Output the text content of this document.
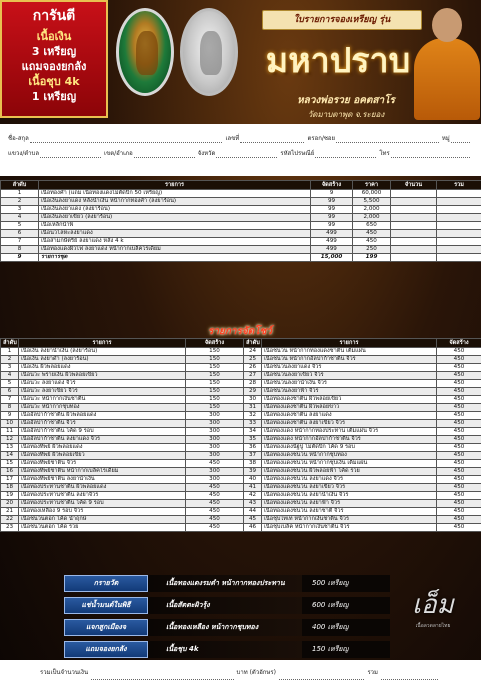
การันตี
เนื้อเงิน
3 เหรียญ
แถมจองยกลัง
เนื้อชุบ 4k
1 เหรียญ
ใบรายการจองเหรียญ รุ่น
มหาปราบ
หลวงพ่อรวย อคตสาโร
วัดมาบตาพุด จ.ระยอง
ชื่อ-สกุล	เลขที่	ตรอก/ซอย	หมู่
แขวง/ตำบล	เขต/อำเภอ	จังหวัด	รหัสไปรษณีย์	โทร
ลำดับ	รายการ	จัดสร้าง	ราคา	จำนวน	รวม
1	เนื้อทองคำ (แถม เนื้อทองแดงไม่ตัดปีก 50 เหรียญ)	9	60,000		
2	เนื้อเงินลงยาแดง หลังนำเงิน หน้ากากทองคำ (ลงยาร้อน)	99	5,500		
3	เนื้อเงินลงยาแดง (ลงยาร้อน)	99	2,000		
4	เนื้อเงินลงยาเขียว (ลงยาร้อน)	99	2,000		
5	เนื้อเหล็กน้ำพี้	99	650		
6	เนื้อนวโลหะลงยาแดง	499	450		
7	เนื้อสามกษัตริย์ ลงยาแดง หลัง 4 k	499	450		
8	เนื้อทองแดงผิวไฟ ลงยาแดง หน้ากากเบล็คโรเดียม	499	250		
9	รายการชุด	15,000	199		
รายการจัดโชว์
ลำดับ	รายการ	จัดสร้าง	ลำดับ	รายการ	จัดสร้าง
1	เนื้อเงิน ลงยาน้ำเงิน (ลงยาร้อน)	150	24	เนื้อชนวน หน้ากากทองแดงชาติน เต็มแผ่น	450
2	เนื้อเงิน ลงยาดำ (ลงยาร้อน)	150	25	เนื้อชนวน หน้ากากอัลปาก้าชาติน จีวร	450
3	เนื้อเงิน ผิวพลอยแดง	150	26	เนื้อชนวนลงยาแดง จีวร	450
4	เนื้อนวะ พรายเงิน ผิวพลอยเขียว	150	27	เนื้อชนวนลงยาเขียว จีวร	450
5	เนื้อนวะ ลงยาแดง จีวร	150	28	เนื้อชนวนลงยาน้ำเงิน จีวร	450
6	เนื้อนวะ ลงยาเขียว จีวร	150	29	เนื้อชนวนลงยาฟ้า จีวร	450
7	เนื้อนวะ หน้ากากเงินชาติน	150	30	เนื้อทองแดงชาติน ผิวพลอยเขียว	450
8	เนื้อนวะ หน้ากากชุบทอง	150	31	เนื้อทองแดงชาติน ผิวพลอยขาว	450
9	เนื้ออัลปาก้าชาติน ผิวพลอยแดง	300	32	เนื้อทองแดงชาติน ลงยาแดง	450
10	เนื้ออัลปาก้าชาติน จีวร	300	33	เนื้อทองแดงชาติน ลงยาเขียว จีวร	450
11	เนื้ออัลปาก้าชาติน โค้ด 9 รอบ	300	34	เนื้อทองแดง หน้ากากทองประทาน เต็มแผ่น จีวร	450
12	เนื้ออัลปาก้าชาติน ลงยาแดง จีวร	300	35	เนื้อทองแดง หน้ากากอัลปาก้าชาติน จีวร	450
13	เนื้อทองทิพย์ ผิวพลอยแดง	300	36	เนื้อทองแดงนัฐปู ไม่ตัดปีก โค้ด 9 รอบ	450
14	เนื้อทองทิพย์ ผิวพลอยเขียว	300	37	เนื้อทองแดงชนวน หน้ากากชุบทอง	450
15	เนื้อทองทิพย์ชาติน จีวร	450	38	เนื้อทองแดงชนวน หน้ากากชุบเงิน เต็มแผ่น	450
16	เนื้อทองทิพย์ชาติน หน้ากากเบล็คโรเดียม	300	39	เนื้อทองแดงชนวน ผิวพลอยฟ้า โค้ด รวย	450
17	เนื้อทองทิพย์ชาติน ลงยาน้ำเงิน	300	40	เนื้อทองแดงชนวน ลงยาแดง จีวร	450
18	เนื้อทองประทานชาติน ผิวพลอยแดง	450	41	เนื้อทองแดงชนวน ลงยาเขียว จีวร	450
19	เนื้อทองประทานชาติน ลงยาจีวร	450	42	เนื้อทองแดงชนวน ลงยาน้ำเงิน จีวร	450
20	เนื้อทองประทานชาติน โค้ด 9 รอบ	450	43	เนื้อทองแดงชนวน ลงยาฟ้า จีวร	450
21	เนื้อทองเหลือง 9 รอบ จีวร	450	44	เนื้อทองแดงชนวน ลงยาชาติ จีวร	450
22	เนื้อชนวนตอก โค้ด นำฤกษ์	450	45	เนื้อชุบไทเท หน้ากากเงินชาติน จีวร	450
23	เนื้อชนวนตอก โค้ด รวย	450	46	เนื้อชุบเบล็ค หน้ากากเงินชาติน จีวร	450
กรายวัด	เนื้อทองแดงรมดำ หน้ากากทองประทาน	500 เหรียญ
แช่น้ำมนต์ในพิธี	เนื้อสัตตะผิวรุ้ง	600 เหรียญ
แจกสูกเมืองจ	เนื้อทองเหลือง หน้ากากชุบทอง	400 เหรียญ
แถมจองยกลัง	เนื้อชุบ 4k	150 เหรียญ
เอ็ม
เนื้อลวดลายไทย
รวมเป็นจำนวนเงิน	บาท (ตัวอักษร)	รวม
